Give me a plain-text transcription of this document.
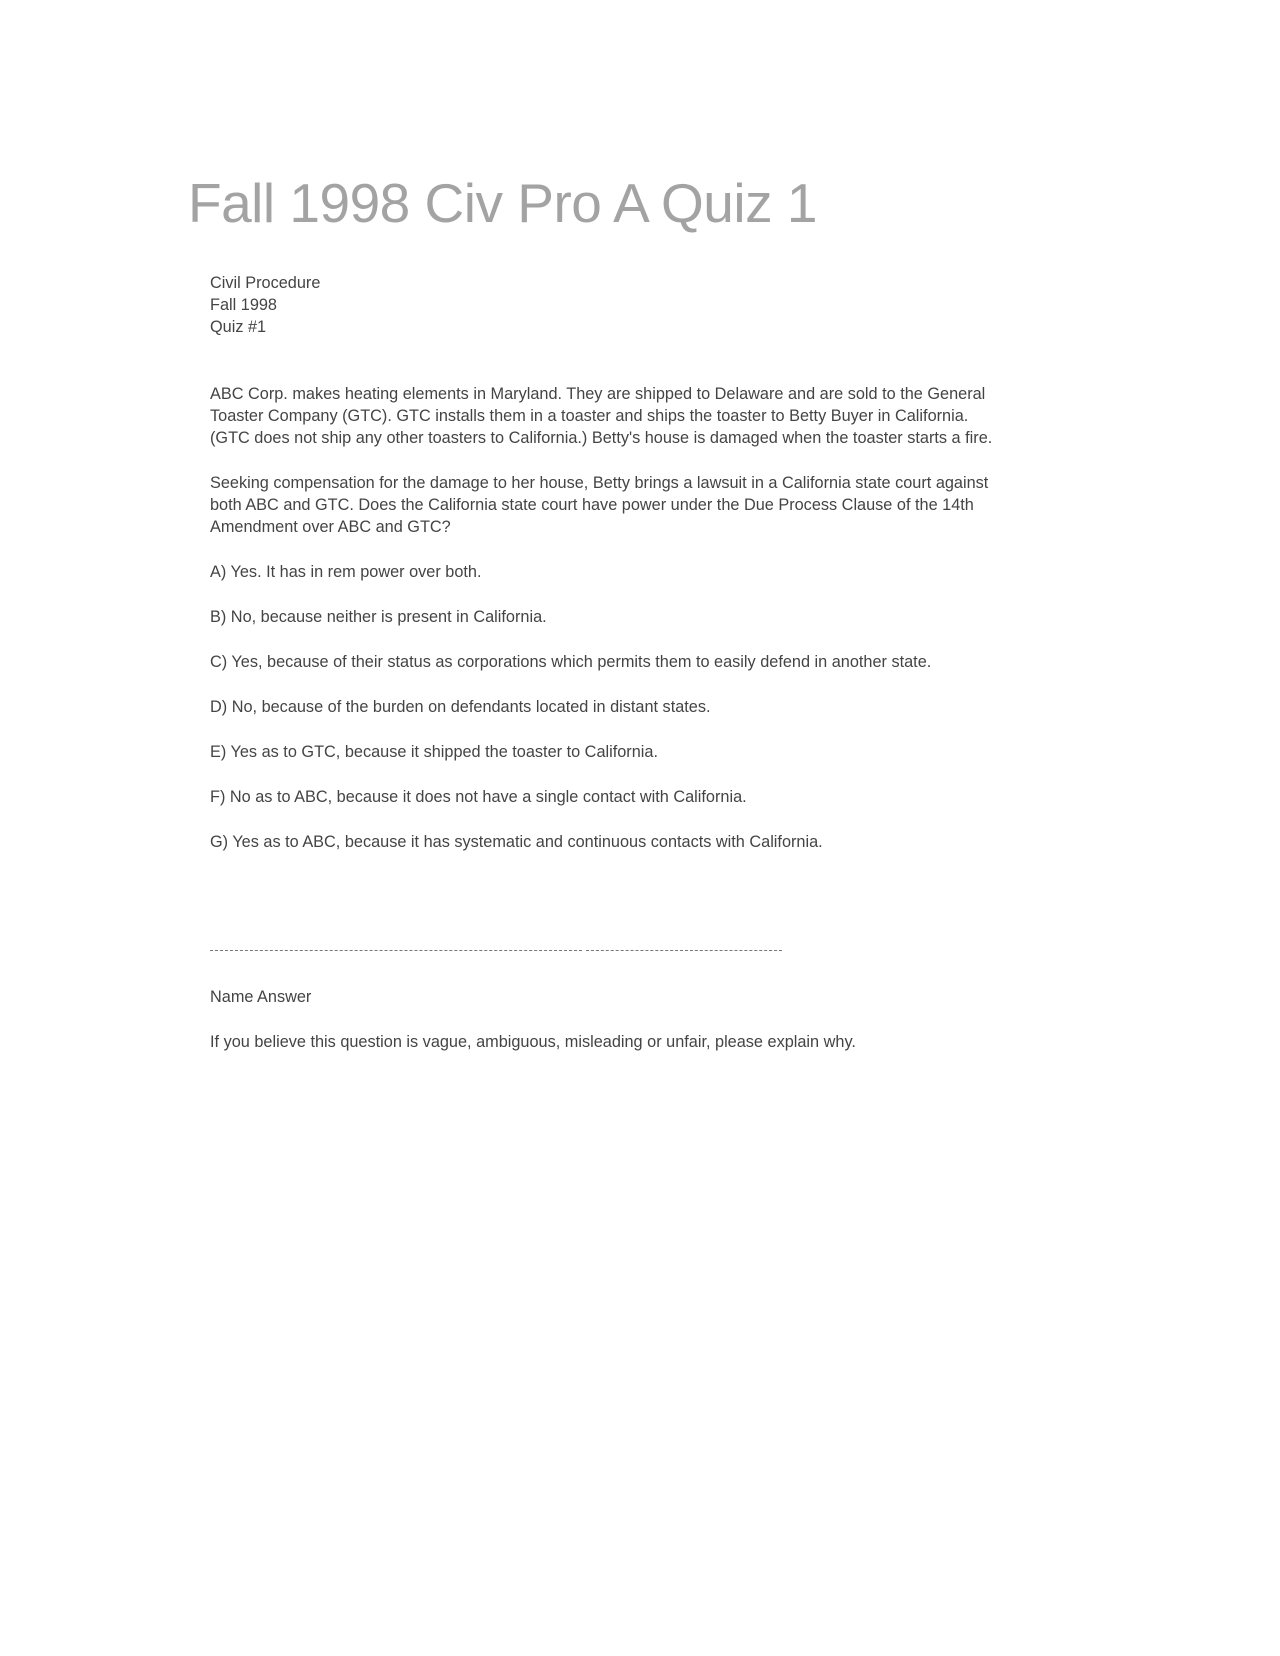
Fall 1998 Civ Pro A Quiz 1
Civil Procedure
Fall 1998
Quiz #1
ABC Corp. makes heating elements in Maryland. They are shipped to Delaware and are sold to the General
Toaster Company (GTC). GTC installs them in a toaster and ships the toaster to Betty Buyer in California.
(GTC does not ship any other toasters to California.) Betty's house is damaged when the toaster starts a fire.
Seeking compensation for the damage to her house, Betty brings a lawsuit in a California state court against
both ABC and GTC. Does the California state court have power under the Due Process Clause of the 14th
Amendment over ABC and GTC?
A) Yes. It has in rem power over both.
B) No, because neither is present in California.
C) Yes, because of their status as corporations which permits them to easily defend in another state.
D) No, because of the burden on defendants located in distant states.
E) Yes as to GTC, because it shipped the toaster to California.
F) No as to ABC, because it does not have a single contact with California.
G) Yes as to ABC, because it has systematic and continuous contacts with California.
Name Answer
If you believe this question is vague, ambiguous, misleading or unfair, please explain why.
